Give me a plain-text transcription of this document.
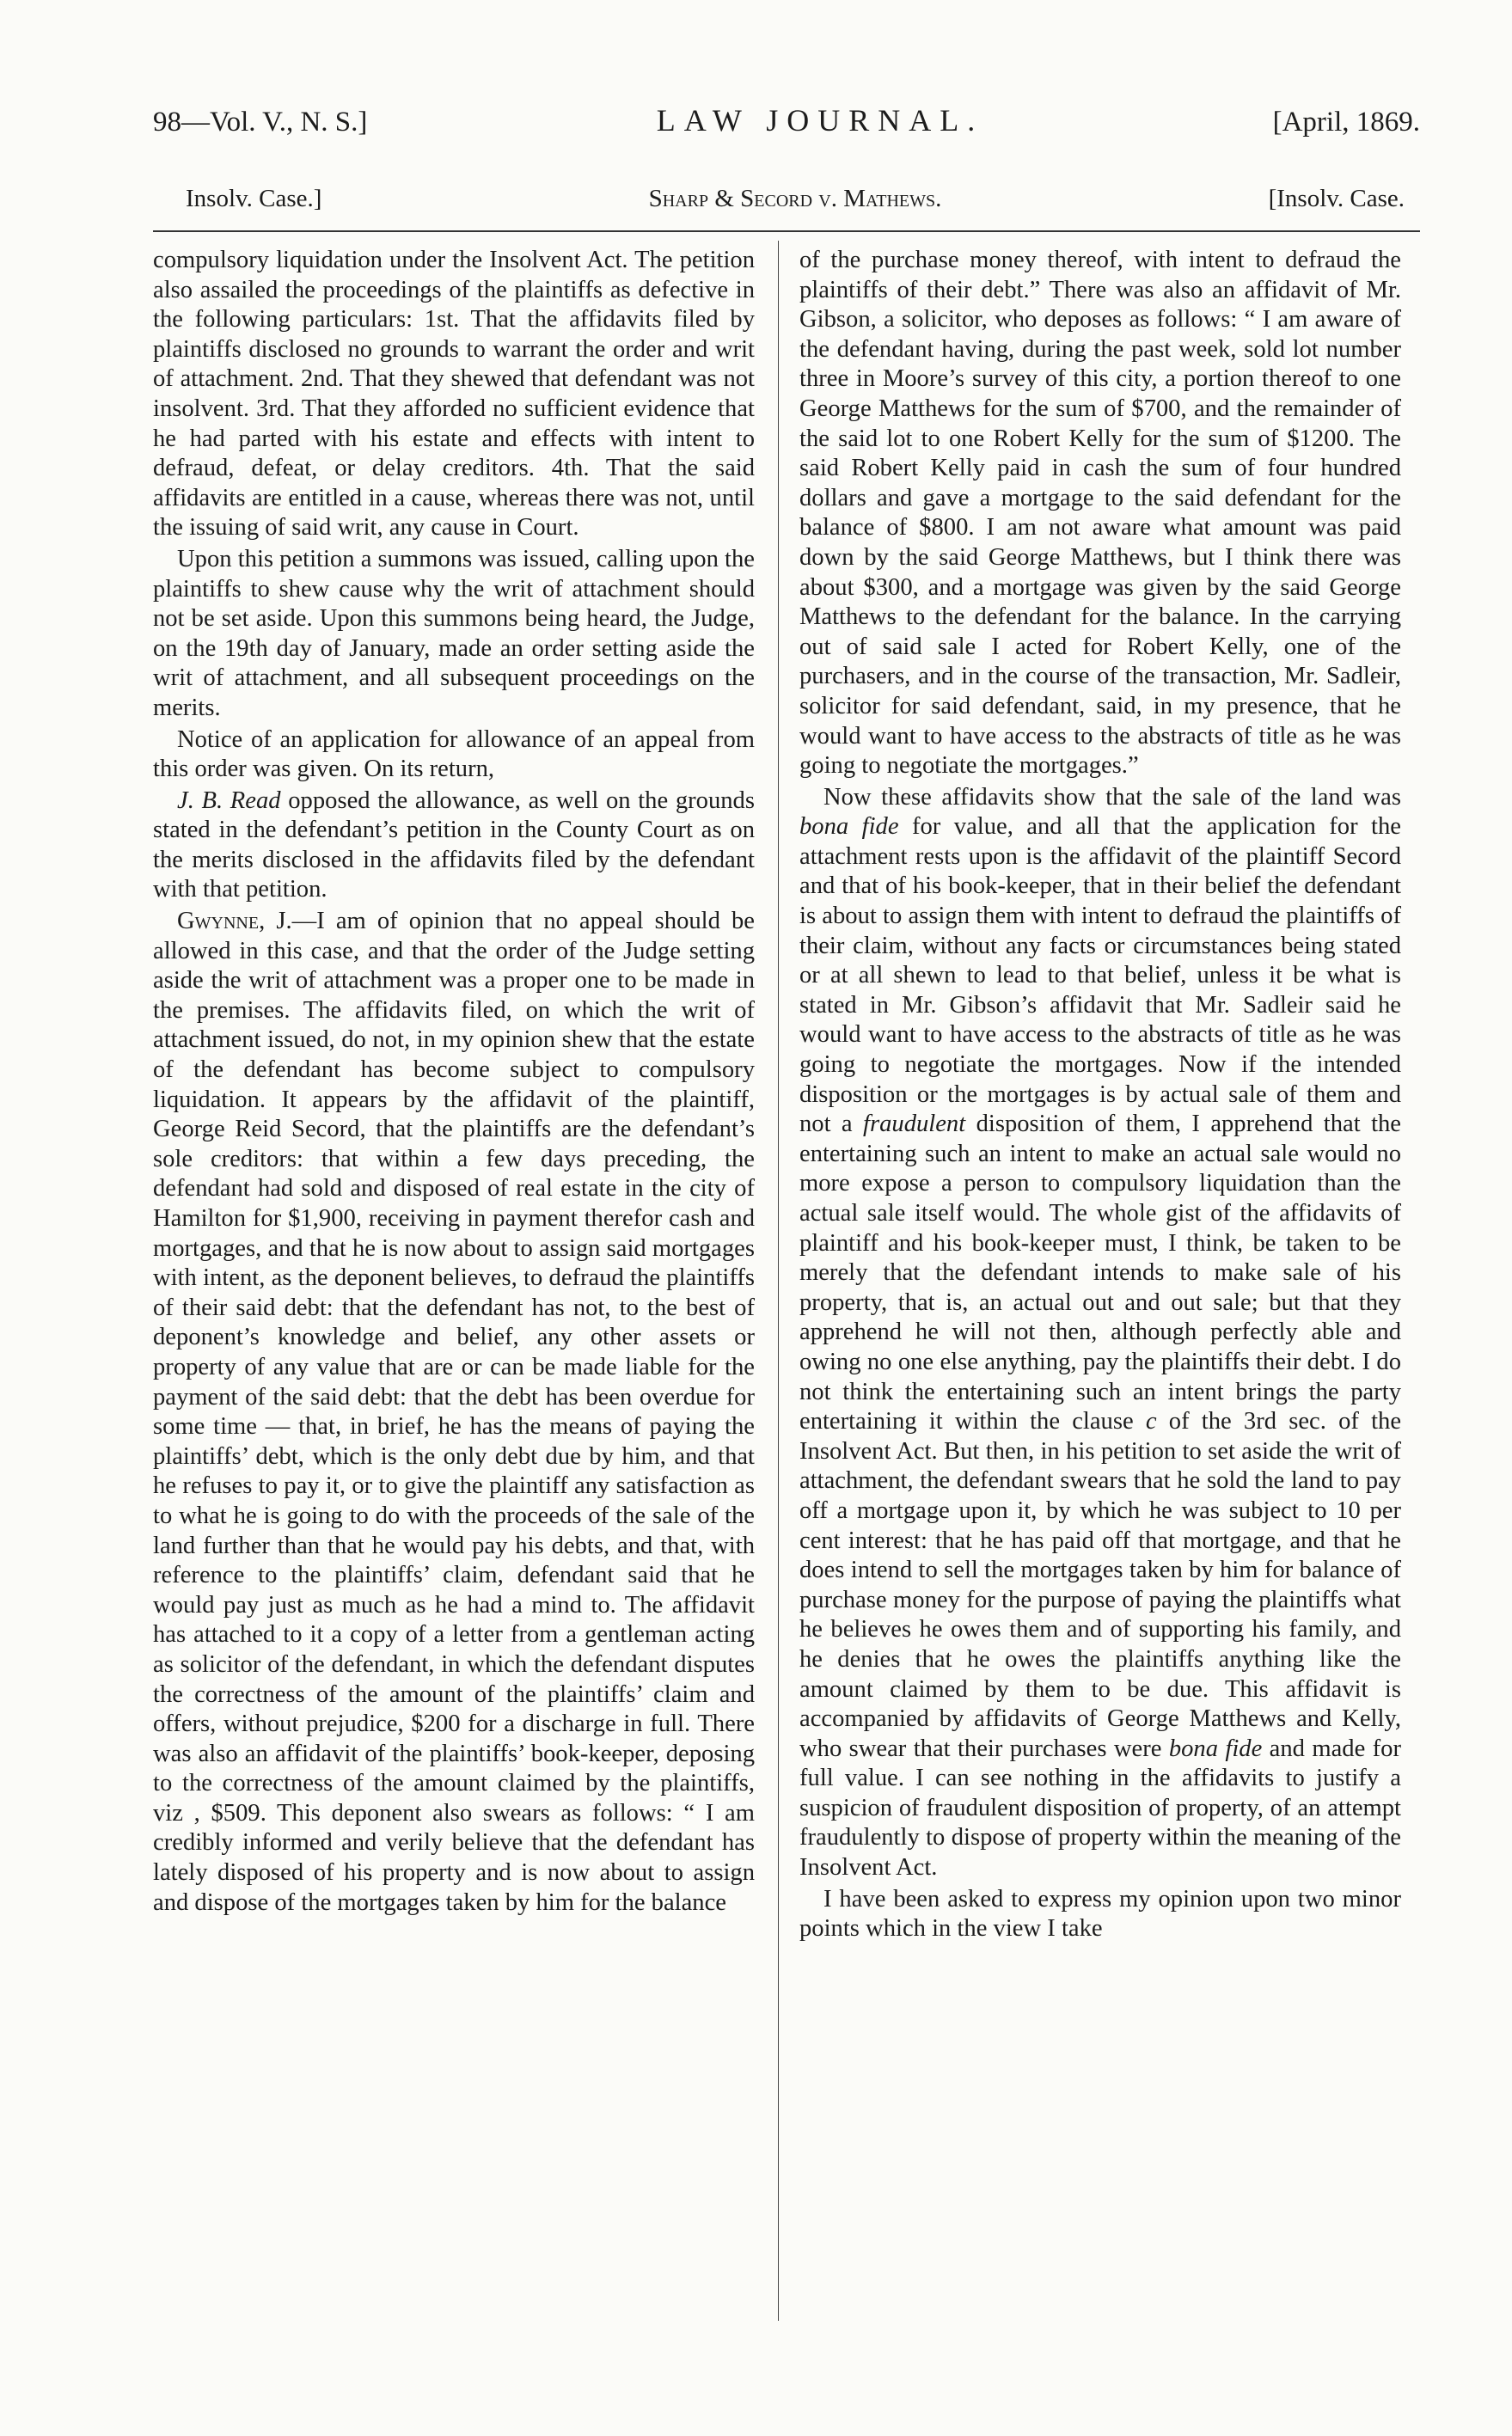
98—Vol. V., N. S.]	LAW JOURNAL.	[April, 1869.
Insolv. Case.]	Sharp & Secord v. Mathews.	[Insolv. Case.

compulsory liquidation under the Insolvent Act. The petition also assailed the proceedings of the plaintiffs as defective in the following particulars: 1st. That the affidavits filed by plaintiffs disclosed no grounds to warrant the order and writ of attachment. 2nd. That they shewed that defendant was not insolvent. 3rd. That they afforded no sufficient evidence that he had parted with his estate and effects with intent to defraud, defeat, or delay creditors. 4th. That the said affidavits are entitled in a cause, whereas there was not, until the issuing of said writ, any cause in Court.

Upon this petition a summons was issued, calling upon the plaintiffs to shew cause why the writ of attachment should not be set aside. Upon this summons being heard, the Judge, on the 19th day of January, made an order setting aside the writ of attachment, and all subsequent proceedings on the merits.

Notice of an application for allowance of an appeal from this order was given. On its return,

J. B. Read opposed the allowance, as well on the grounds stated in the defendant’s petition in the County Court as on the merits disclosed in the affidavits filed by the defendant with that petition.

Gwynne, J.—I am of opinion that no appeal should be allowed in this case, and that the order of the Judge setting aside the writ of attachment was a proper one to be made in the premises. The affidavits filed, on which the writ of attachment issued, do not, in my opinion shew that the estate of the defendant has become subject to compulsory liquidation. It appears by the affidavit of the plaintiff, George Reid Secord, that the plaintiffs are the defendant’s sole creditors: that within a few days preceding, the defendant had sold and disposed of real estate in the city of Hamilton for $1,900, receiving in payment therefor cash and mortgages, and that he is now about to assign said mortgages with intent, as the deponent believes, to defraud the plaintiffs of their said debt: that the defendant has not, to the best of deponent’s knowledge and belief, any other assets or property of any value that are or can be made liable for the payment of the said debt: that the debt has been overdue for some time — that, in brief, he has the means of paying the plaintiffs’ debt, which is the only debt due by him, and that he refuses to pay it, or to give the plaintiff any satisfaction as to what he is going to do with the proceeds of the sale of the land further than that he would pay his debts, and that, with reference to the plaintiffs’ claim, defendant said that he would pay just as much as he had a mind to. The affidavit has attached to it a copy of a letter from a gentleman acting as solicitor of the defendant, in which the defendant disputes the correctness of the amount of the plaintiffs’ claim and offers, without prejudice, $200 for a discharge in full. There was also an affidavit of the plaintiffs’ book-keeper, deposing to the correctness of the amount claimed by the plaintiffs, viz , $509. This deponent also swears as follows: “ I am credibly informed and verily believe that the defendant has lately disposed of his property and is now about to assign and dispose of the mortgages taken by him for the balance

of the purchase money thereof, with intent to defraud the plaintiffs of their debt.” There was also an affidavit of Mr. Gibson, a solicitor, who deposes as follows: “ I am aware of the defendant having, during the past week, sold lot number three in Moore’s survey of this city, a portion thereof to one George Matthews for the sum of $700, and the remainder of the said lot to one Robert Kelly for the sum of $1200. The said Robert Kelly paid in cash the sum of four hundred dollars and gave a mortgage to the said defendant for the balance of $800. I am not aware what amount was paid down by the said George Matthews, but I think there was about $300, and a mortgage was given by the said George Matthews to the defendant for the balance. In the carrying out of said sale I acted for Robert Kelly, one of the purchasers, and in the course of the transaction, Mr. Sadleir, solicitor for said defendant, said, in my presence, that he would want to have access to the abstracts of title as he was going to negotiate the mortgages.”

Now these affidavits show that the sale of the land was bona fide for value, and all that the application for the attachment rests upon is the affidavit of the plaintiff Secord and that of his book-keeper, that in their belief the defendant is about to assign them with intent to defraud the plaintiffs of their claim, without any facts or circumstances being stated or at all shewn to lead to that belief, unless it be what is stated in Mr. Gibson’s affidavit that Mr. Sadleir said he would want to have access to the abstracts of title as he was going to negotiate the mortgages. Now if the intended disposition or the mortgages is by actual sale of them and not a fraudulent disposition of them, I apprehend that the entertaining such an intent to make an actual sale would no more expose a person to compulsory liquidation than the actual sale itself would. The whole gist of the affidavits of plaintiff and his book-keeper must, I think, be taken to be merely that the defendant intends to make sale of his property, that is, an actual out and out sale; but that they apprehend he will not then, although perfectly able and owing no one else anything, pay the plaintiffs their debt. I do not think the entertaining such an intent brings the party entertaining it within the clause c of the 3rd sec. of the Insolvent Act. But then, in his petition to set aside the writ of attachment, the defendant swears that he sold the land to pay off a mortgage upon it, by which he was subject to 10 per cent interest: that he has paid off that mortgage, and that he does intend to sell the mortgages taken by him for balance of purchase money for the purpose of paying the plaintiffs what he believes he owes them and of supporting his family, and he denies that he owes the plaintiffs anything like the amount claimed by them to be due. This affidavit is accompanied by affidavits of George Matthews and Kelly, who swear that their purchases were bona fide and made for full value. I can see nothing in the affidavits to justify a suspicion of fraudulent disposition of property, of an attempt fraudulently to dispose of property within the meaning of the Insolvent Act.

I have been asked to express my opinion upon two minor points which in the view I take
